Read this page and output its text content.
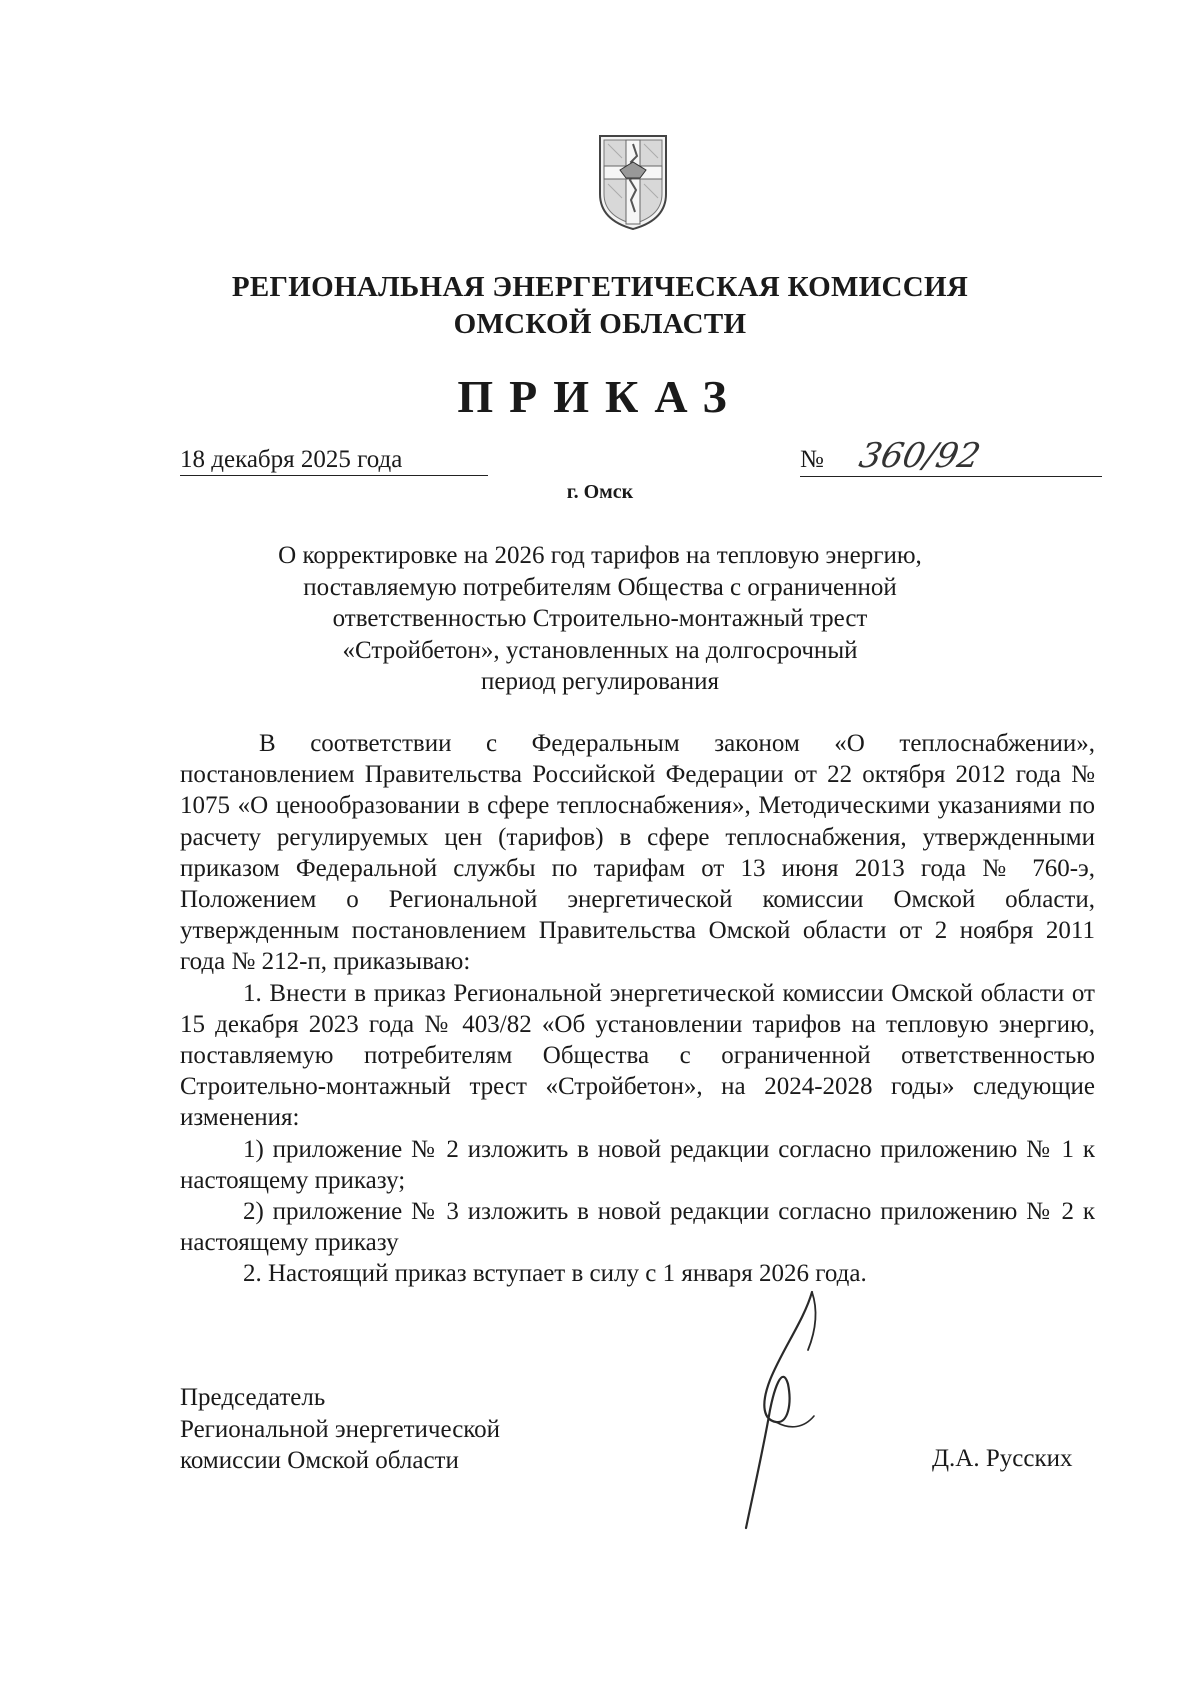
РЕГИОНАЛЬНАЯ ЭНЕРГЕТИЧЕСКАЯ КОМИССИЯ
ОМСКОЙ ОБЛАСТИ
ПРИКАЗ
18 декабря 2025 года	№ 360/92
г. Омск
О корректировке на 2026 год тарифов на тепловую энергию,
поставляемую потребителям Общества с ограниченной
ответственностью Строительно-монтажный трест
«Стройбетон», установленных на долгосрочный
период регулирования

В соответствии с Федеральным законом «О теплоснабжении», постановлением Правительства Российской Федерации от 22 октября 2012 года № 1075 «О ценообразовании в сфере теплоснабжения», Методическими указаниями по расчету регулируемых цен (тарифов) в сфере теплоснабжения, утвержденными приказом Федеральной службы по тарифам от 13 июня 2013 года № 760-э, Положением о Региональной энергетической комиссии Омской области, утвержденным постановлением Правительства Омской области от 2 ноября 2011 года № 212-п, приказываю:

1. Внести в приказ Региональной энергетической комиссии Омской области от 15 декабря 2023 года № 403/82 «Об установлении тарифов на тепловую энергию, поставляемую потребителям Общества с ограниченной ответственностью Строительно-монтажный трест «Стройбетон», на 2024-2028 годы» следующие изменения:

1) приложение № 2 изложить в новой редакции согласно приложению № 1 к настоящему приказу;

2) приложение № 3 изложить в новой редакции согласно приложению № 2 к настоящему приказу

2. Настоящий приказ вступает в силу с 1 января 2026 года.

Председатель
Региональной энергетической
комиссии Омской области	Д.А. Русских
